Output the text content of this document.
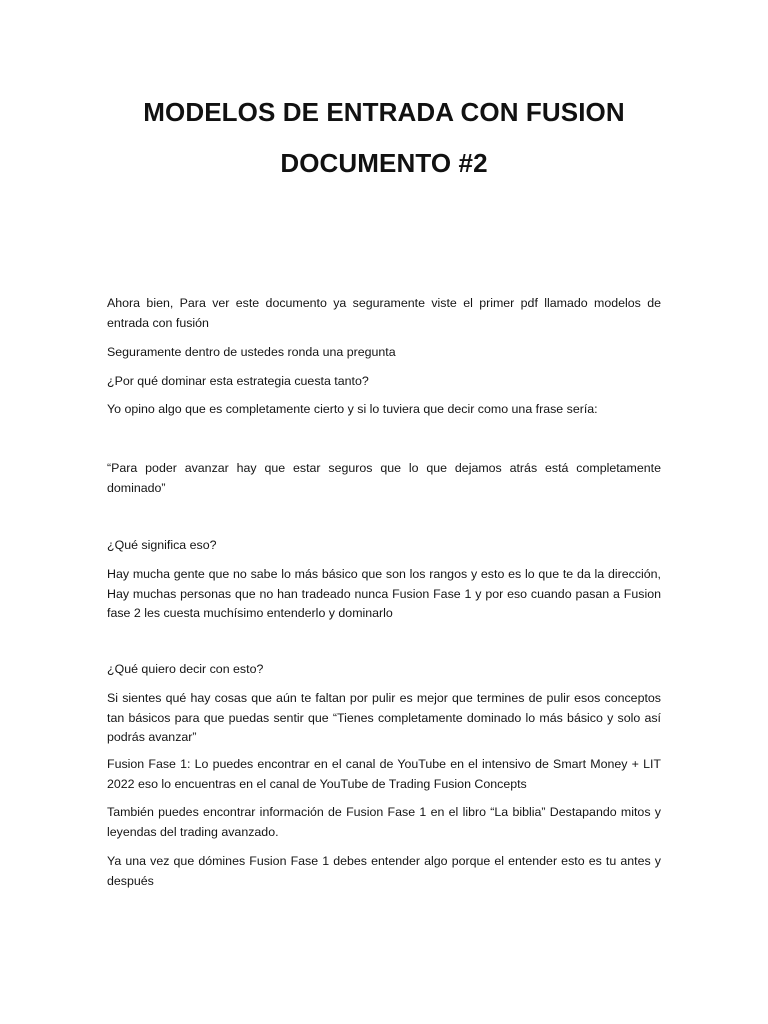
MODELOS DE ENTRADA CON FUSION
DOCUMENTO #2

Ahora bien, Para ver este documento ya seguramente viste el primer pdf llamado modelos de entrada con fusión

Seguramente dentro de ustedes ronda una pregunta

¿Por qué dominar esta estrategia cuesta tanto?

Yo opino algo que es completamente cierto y si lo tuviera que decir como una frase sería:

“Para poder avanzar hay que estar seguros que lo que dejamos atrás está completamente dominado”

¿Qué significa eso?

Hay mucha gente que no sabe lo más básico que son los rangos y esto es lo que te da la dirección, Hay muchas personas que no han tradeado nunca Fusion Fase 1 y por eso cuando pasan a Fusion fase 2 les cuesta muchísimo entenderlo y dominarlo

¿Qué quiero decir con esto?

Si sientes qué hay cosas que aún te faltan por pulir es mejor que termines de pulir esos conceptos tan básicos para que puedas sentir que “Tienes completamente dominado lo más básico y solo así podrás avanzar”

Fusion Fase 1: Lo puedes encontrar en el canal de YouTube en el intensivo de Smart Money + LIT 2022 eso lo encuentras en el canal de YouTube de Trading Fusion Concepts

También puedes encontrar información de Fusion Fase 1 en el libro “La biblia” Destapando mitos y leyendas del trading avanzado.

Ya una vez que dómines Fusion Fase 1 debes entender algo porque el entender esto es tu antes y después
